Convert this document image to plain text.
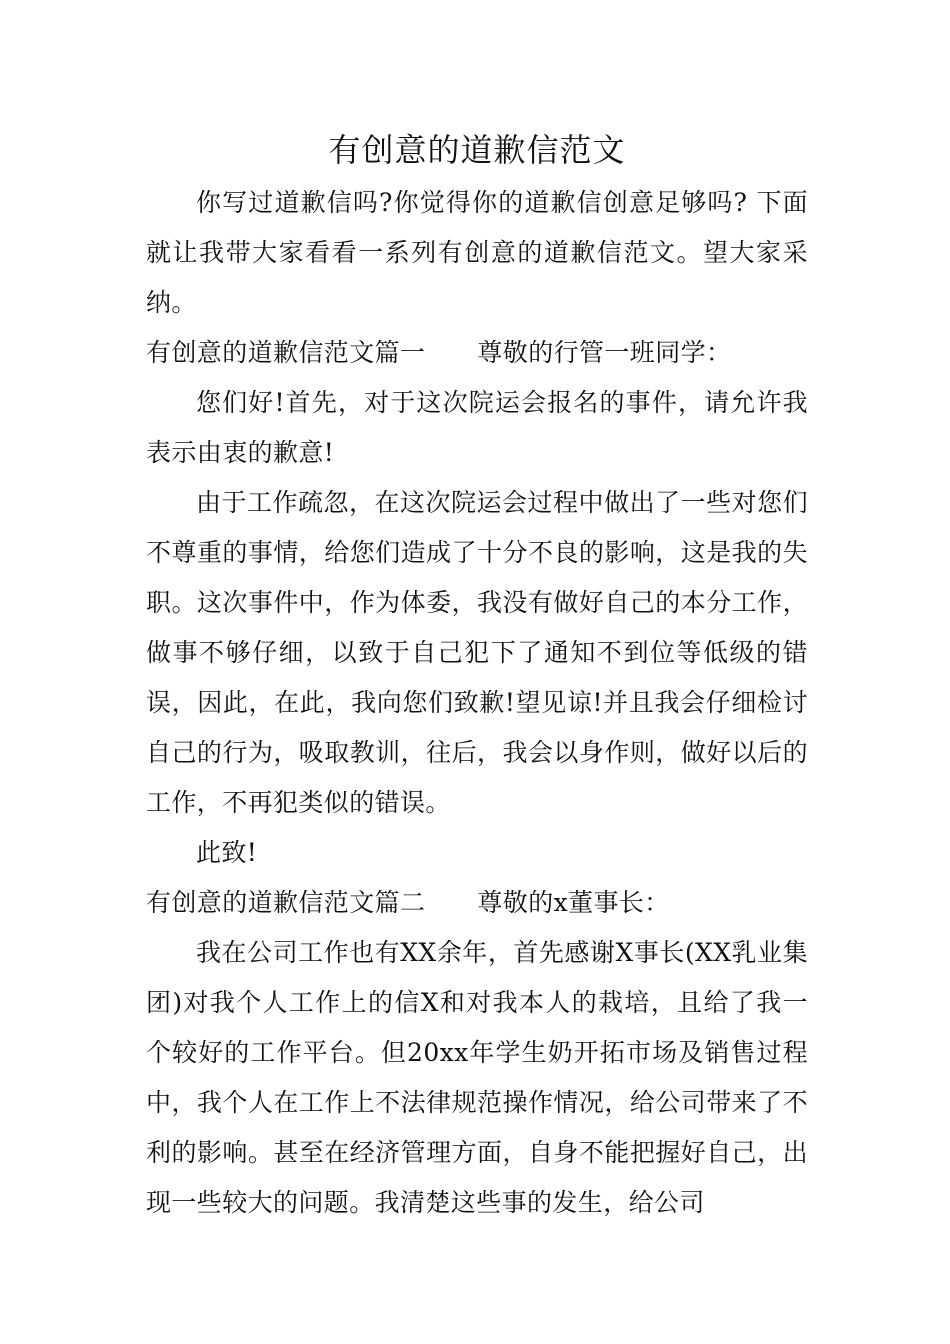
有创意的道歉信范文

你写过道歉信吗?你觉得你的道歉信创意足够吗? 下面就让我带大家看看一系列有创意的道歉信范文。望大家采纳。

有创意的道歉信范文篇一 尊敬的行管一班同学：

您们好!首先，对于这次院运会报名的事件，请允许我表示由衷的歉意!

由于工作疏忽，在这次院运会过程中做出了一些对您们不尊重的事情，给您们造成了十分不良的影响，这是我的失职。这次事件中，作为体委，我没有做好自己的本分工作，做事不够仔细，以致于自己犯下了通知不到位等低级的错误，因此，在此，我向您们致歉!望见谅!并且我会仔细检讨自己的行为，吸取教训，往后，我会以身作则，做好以后的工作，不再犯类似的错误。

此致!

有创意的道歉信范文篇二 尊敬的x董事长：

我在公司工作也有XX余年，首先感谢X事长(XX乳业集团)对我个人工作上的信X和对我本人的栽培，且给了我一个较好的工作平台。但20xx年学生奶开拓市场及销售过程中，我个人在工作上不法律规范操作情况，给公司带来了不利的影响。甚至在经济管理方面，自身不能把握好自己，出现一些较大的问题。我清楚这些事的发生，给公司
